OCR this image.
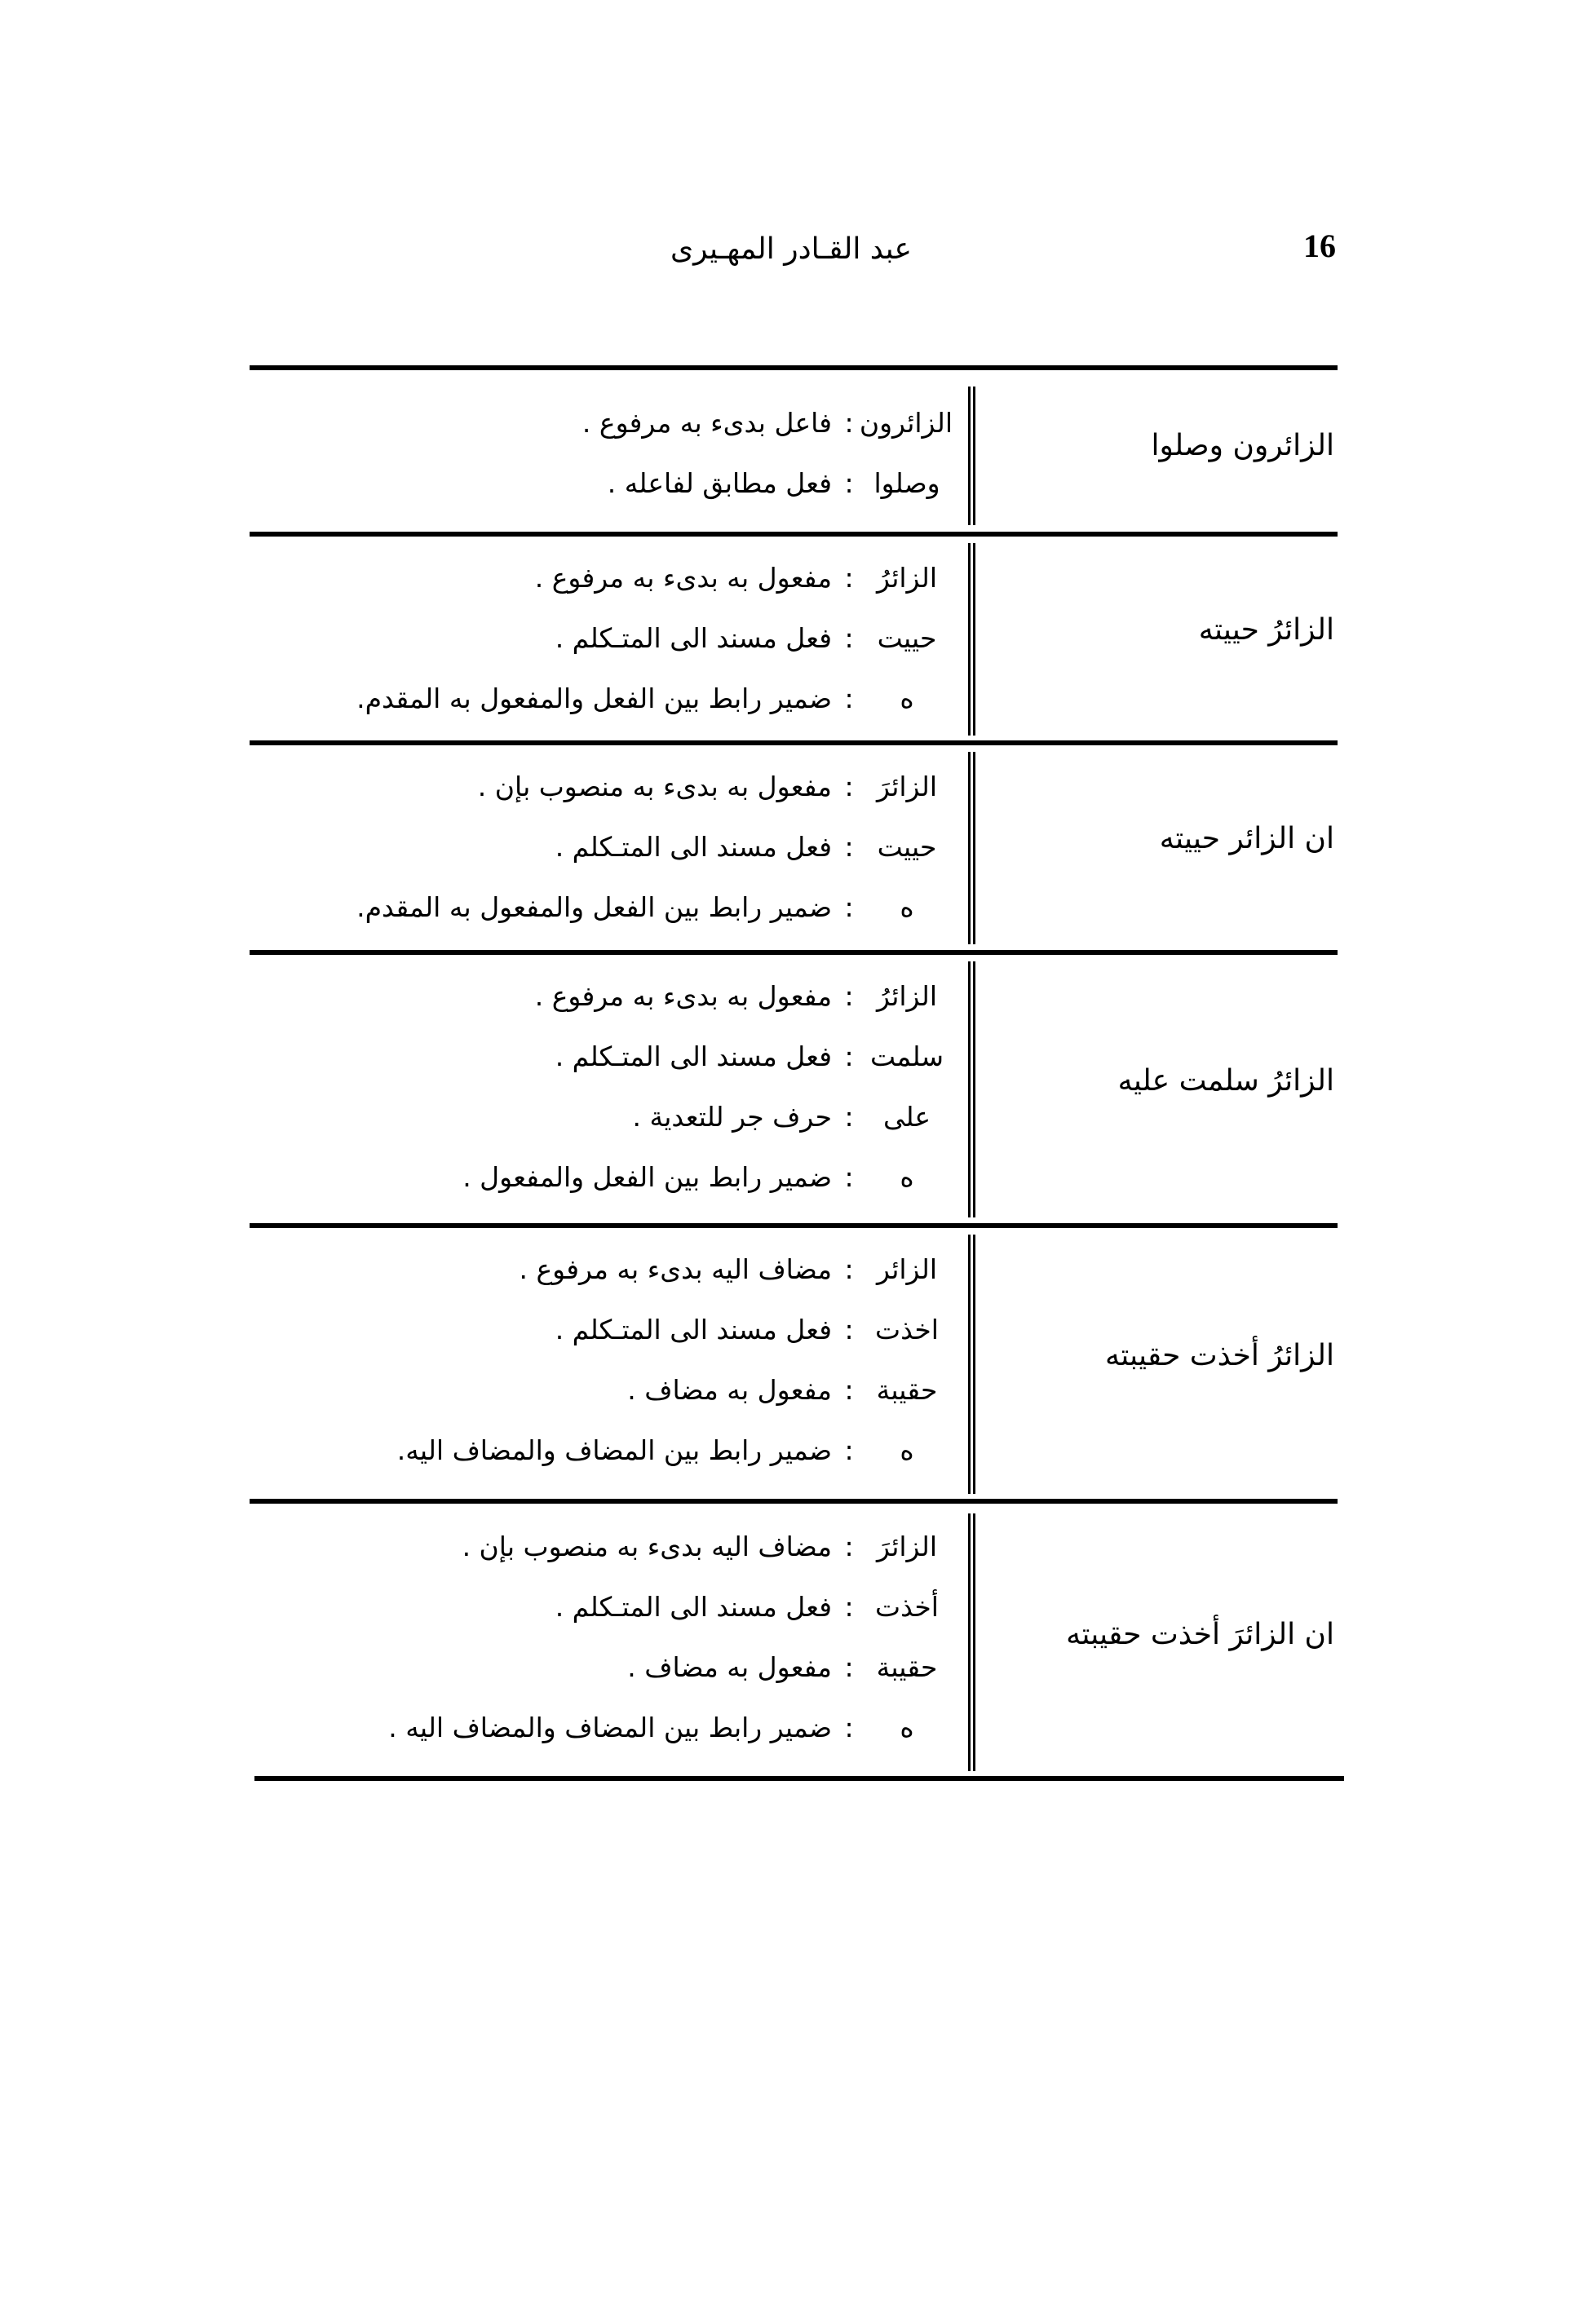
16
عبد القـادر المهـيرى
الزائرون وصلوا
الزائرون
:
فاعل بدىء به مرفوع .
وصلوا
:
فعل مطابق لفاعله .
الزائرُ حييته
الزائرُ
:
مفعول به بدىء به مرفوع .
حييت
:
فعل مسند الى المتـكلم .
ه
:
ضمير رابط بين الفعل والمفعول به المقدم.
ان الزائر حييته
الزائرَ
:
مفعول به بدىء به منصوب بإن .
حييت
:
فعل مسند الى المتـكلم .
ه
:
ضمير رابط بين الفعل والمفعول به المقدم.
الزائرُ سلمت عليه
الزائرُ
:
مفعول به بدىء به مرفوع .
سلمت
:
فعل مسند الى المتـكلم .
على
:
حرف جر للتعدية .
ه
:
ضمير رابط بين الفعل والمفعول .
الزائرُ أخذت حقيبته
الزائر
:
مضاف اليه بدىء به مرفوع .
اخذت
:
فعل مسند الى المتـكلم .
حقيبة
:
مفعول به مضاف .
ه
:
ضمير رابط بين المضاف والمضاف اليه.
ان الزائرَ أخذت حقيبته
الزائرَ
:
مضاف اليه بدىء به منصوب بإن .
أخذت
:
فعل مسند الى المتـكلم .
حقيبة
:
مفعول به مضاف .
ه
:
ضمير رابط بين المضاف والمضاف اليه .
